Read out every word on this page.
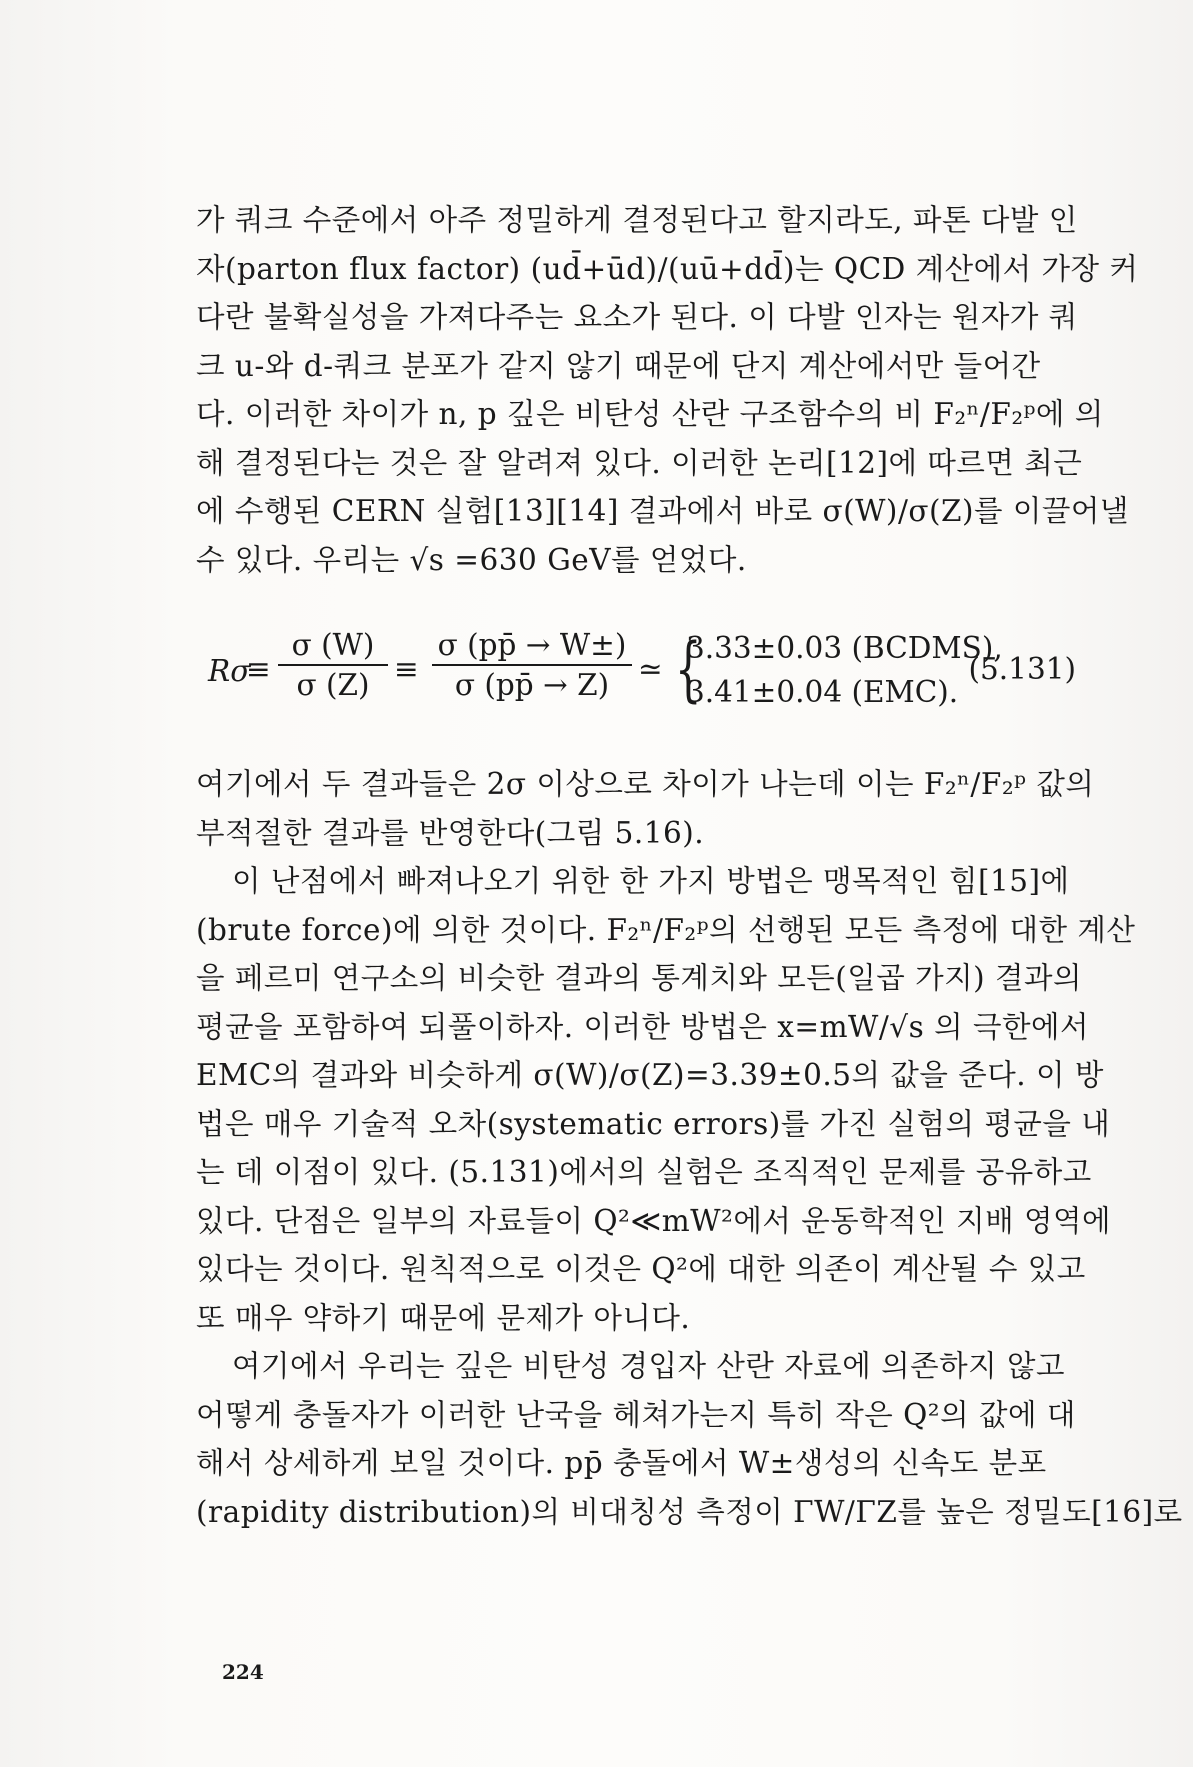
가 쿼크 수준에서 아주 정밀하게 결정된다고 할지라도, 파톤 다발 인
자(parton flux factor) (ud̄+ūd)/(uū+dd̄)는 QCD 계산에서 가장 커
다란 불확실성을 가져다주는 요소가 된다. 이 다발 인자는 원자가 쿼
크 u-와 d-쿼크 분포가 같지 않기 때문에 단지 계산에서만 들어간
다. 이러한 차이가 n, p 깊은 비탄성 산란 구조함수의 비 F₂ⁿ/F₂ᵖ에 의
해 결정된다는 것은 잘 알려져 있다. 이러한 논리[12]에 따르면 최근
에 수행된 CERN 실험[13][14] 결과에서 바로 σ(W)/σ(Z)를 이끌어낼
수 있다. 우리는 √s =630 GeV를 얻었다.
Rσ
≡ $\frac{\sigma (W)}{\sigma (Z)} \equiv \frac{\sigma (pp̄ \to W\pm)}{\sigma (pp̄ \to Z)}$ ≃ {
3.33±0.03 (BCDMS),
3.41±0.04 (EMC).
(5.131)
여기에서 두 결과들은 2σ 이상으로 차이가 나는데 이는 F₂ⁿ/F₂ᵖ 값의
부적절한 결과를 반영한다(그림 5.16).
이 난점에서 빠져나오기 위한 한 가지 방법은 맹목적인 힘[15]에
(brute force)에 의한 것이다. F₂ⁿ/F₂ᵖ의 선행된 모든 측정에 대한 계산
을 페르미 연구소의 비슷한 결과의 통계치와 모든(일곱 가지) 결과의
평균을 포함하여 되풀이하자. 이러한 방법은 x=mW/√s 의 극한에서
EMC의 결과와 비슷하게 σ(W)/σ(Z)=3.39±0.5의 값을 준다. 이 방
법은 매우 기술적 오차(systematic errors)를 가진 실험의 평균을 내
는 데 이점이 있다. (5.131)에서의 실험은 조직적인 문제를 공유하고
있다. 단점은 일부의 자료들이 Q²≪mW²에서 운동학적인 지배 영역에
있다는 것이다. 원칙적으로 이것은 Q²에 대한 의존이 계산될 수 있고
또 매우 약하기 때문에 문제가 아니다.
여기에서 우리는 깊은 비탄성 경입자 산란 자료에 의존하지 않고
어떻게 충돌자가 이러한 난국을 헤쳐가는지 특히 작은 Q²의 값에 대
해서 상세하게 보일 것이다. pp̄ 충돌에서 W±생성의 신속도 분포
(rapidity distribution)의 비대칭성 측정이 ΓW/ΓZ를 높은 정밀도[16]로
224
